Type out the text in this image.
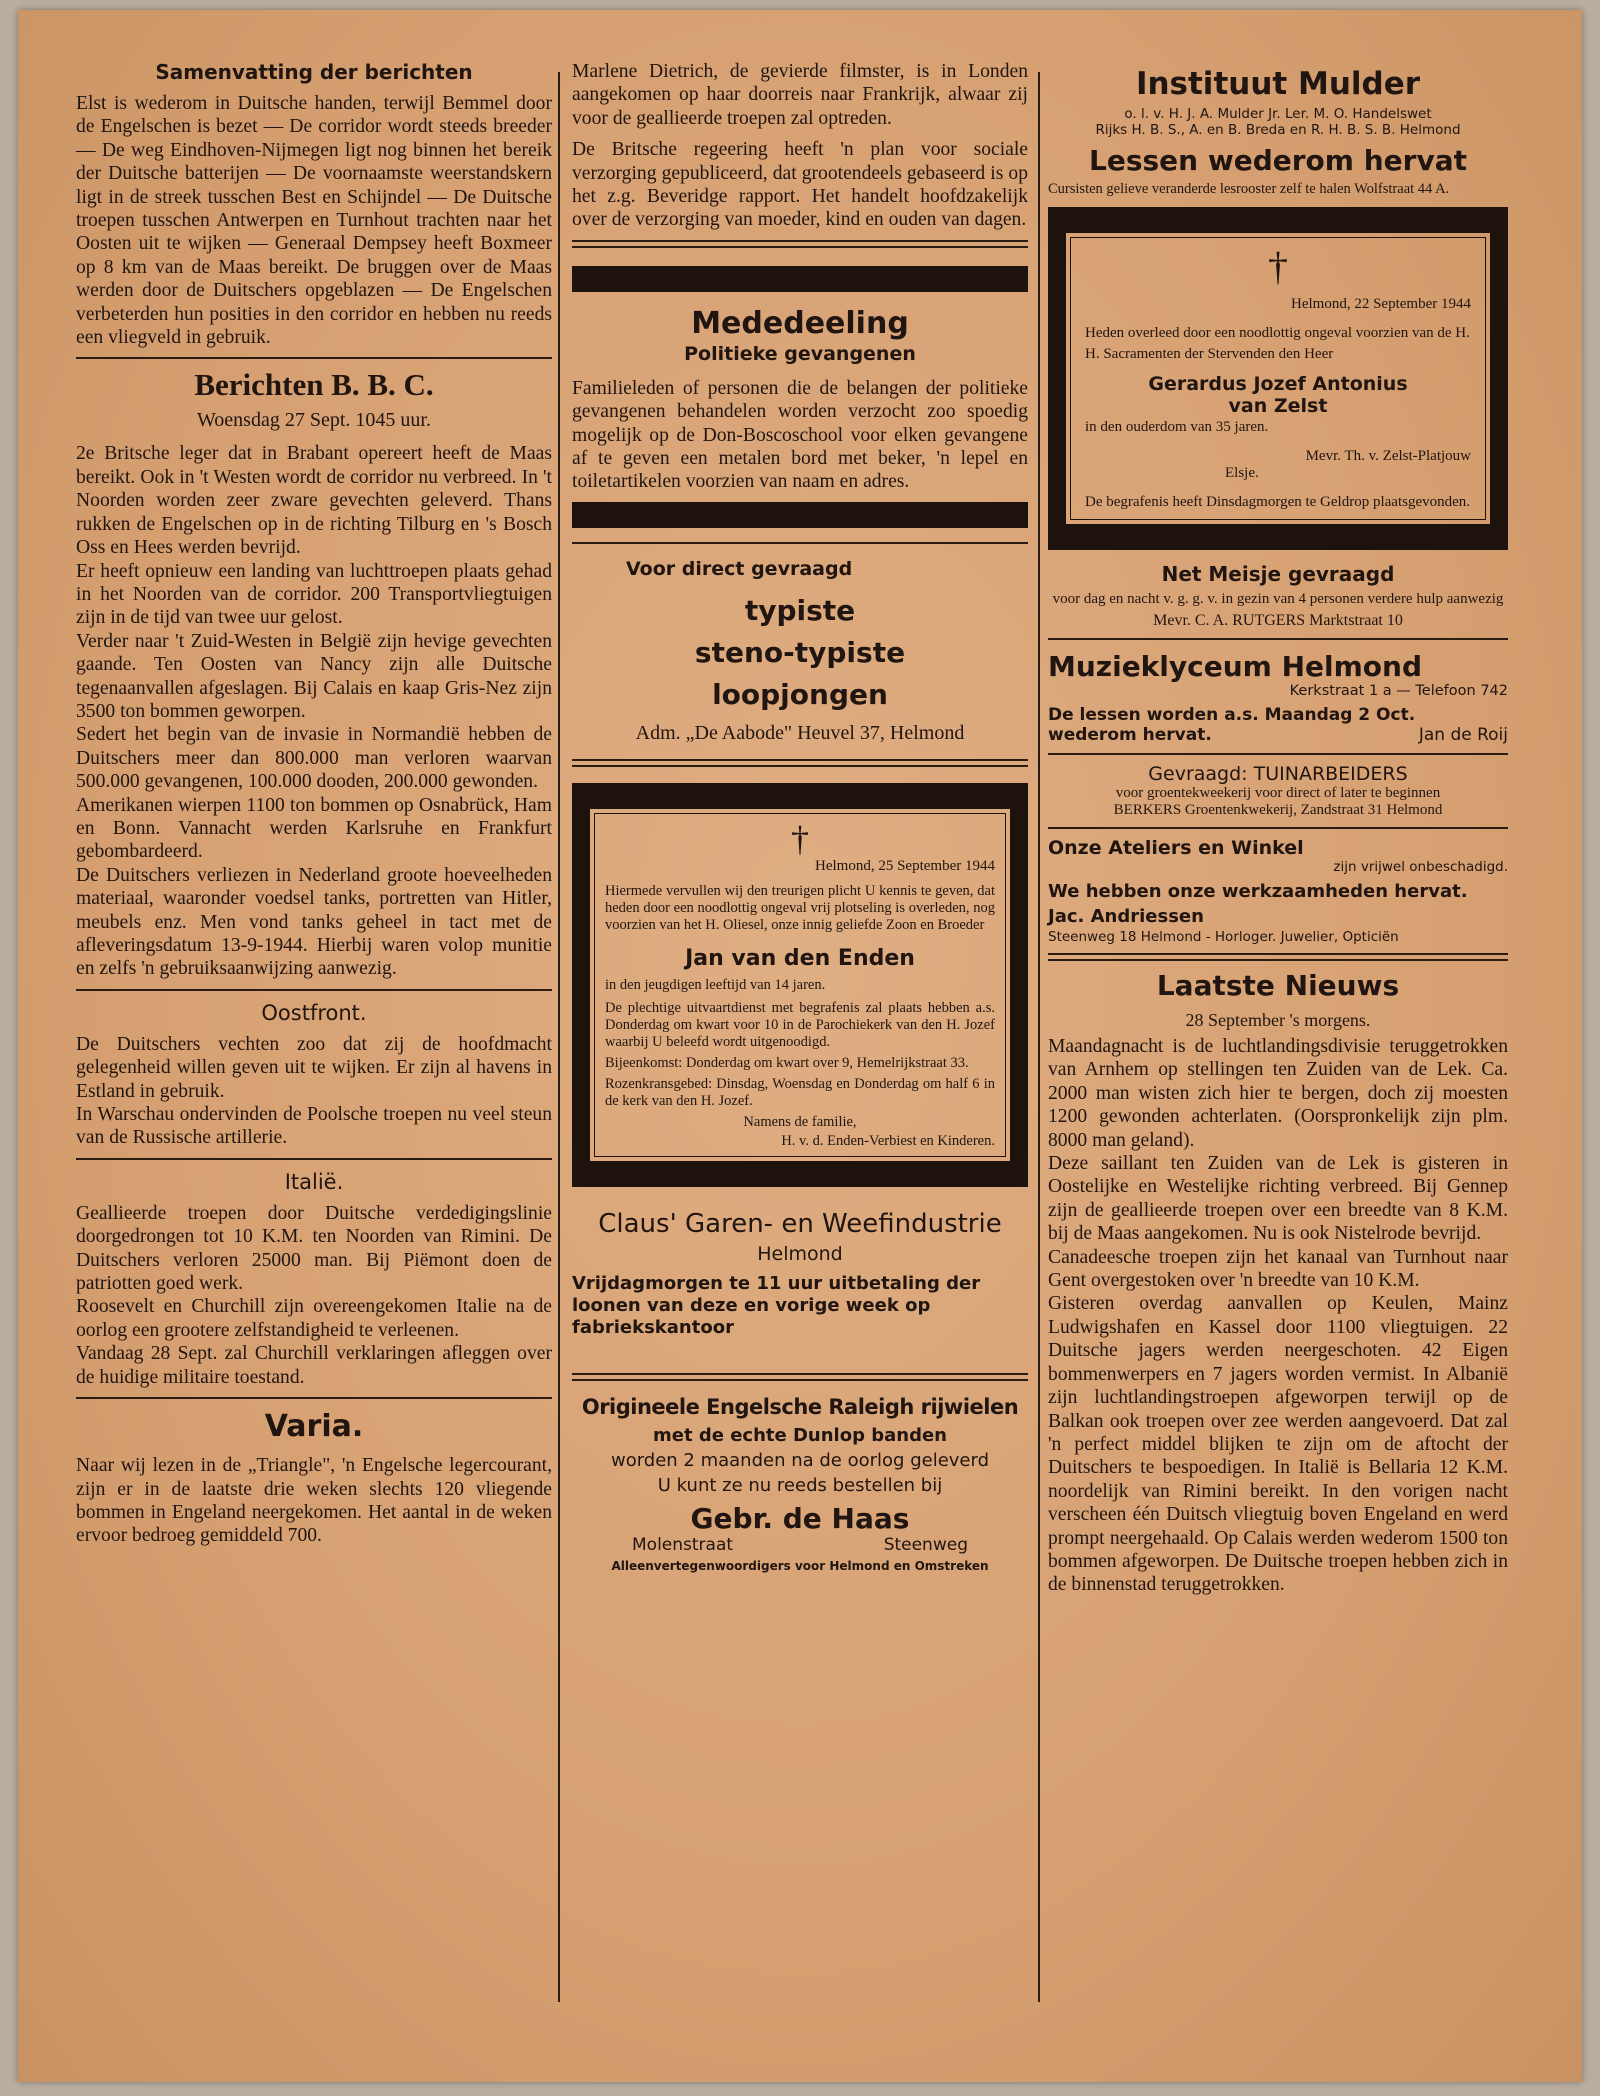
Samenvatting der berichten

Elst is wederom in Duitsche handen, terwijl Bemmel door de Engelschen is bezet — De corridor wordt steeds breeder — De weg Eindhoven-Nijmegen ligt nog binnen het bereik der Duitsche batterijen — De voornaamste weerstandskern ligt in de streek tusschen Best en Schijndel — De Duitsche troepen tusschen Antwerpen en Turnhout trachten naar het Oosten uit te wijken — Generaal Dempsey heeft Boxmeer op 8 km van de Maas bereikt. De bruggen over de Maas werden door de Duitschers opgeblazen — De Engelschen verbeterden hun posities in den corridor en hebben nu reeds een vliegveld in gebruik.

Berichten B. B. C.
Woensdag 27 Sept. 1045 uur.

2e Britsche leger dat in Brabant opereert heeft de Maas bereikt. Ook in 't Westen wordt de corridor nu verbreed. In 't Noorden worden zeer zware gevechten geleverd. Thans rukken de Engelschen op in de richting Tilburg en 's Bosch Oss en Hees werden bevrijd.

Er heeft opnieuw een landing van luchttroepen plaats gehad in het Noorden van de corridor. 200 Transportvliegtuigen zijn in de tijd van twee uur gelost.

Verder naar 't Zuid-Westen in België zijn hevige gevechten gaande. Ten Oosten van Nancy zijn alle Duitsche tegenaanvallen afgeslagen. Bij Calais en kaap Gris-Nez zijn 3500 ton bommen geworpen.

Sedert het begin van de invasie in Normandië hebben de Duitschers meer dan 800.000 man verloren waarvan 500.000 gevangenen, 100.000 dooden, 200.000 gewonden.

Amerikanen wierpen 1100 ton bommen op Osnabrück, Ham en Bonn. Vannacht werden Karlsruhe en Frankfurt gebombardeerd.

De Duitschers verliezen in Nederland groote hoeveelheden materiaal, waaronder voedsel tanks, portretten van Hitler, meubels enz. Men vond tanks geheel in tact met de afleveringsdatum 13-9-1944. Hierbij waren volop munitie en zelfs 'n gebruiksaanwijzing aanwezig.

Oostfront.

De Duitschers vechten zoo dat zij de hoofdmacht gelegenheid willen geven uit te wijken. Er zijn al havens in Estland in gebruik.

In Warschau ondervinden de Poolsche troepen nu veel steun van de Russische artillerie.

Italië.

Geallieerde troepen door Duitsche verdedigingslinie doorgedrongen tot 10 K.M. ten Noorden van Rimini. De Duitschers verloren 25000 man. Bij Piëmont doen de patriotten goed werk.

Roosevelt en Churchill zijn overeengekomen Italie na de oorlog een grootere zelfstandigheid te verleenen.

Vandaag 28 Sept. zal Churchill verklaringen afleggen over de huidige militaire toestand.

Varia.

Naar wij lezen in de „Triangle", 'n Engelsche legercourant, zijn er in de laatste drie weken slechts 120 vliegende bommen in Engeland neergekomen. Het aantal in de weken ervoor bedroeg gemiddeld 700.

Marlene Dietrich, de gevierde filmster, is in Londen aangekomen op haar doorreis naar Frankrijk, alwaar zij voor de geallieerde troepen zal optreden.

De Britsche regeering heeft 'n plan voor sociale verzorging gepubliceerd, dat grootendeels gebaseerd is op het z.g. Beveridge rapport. Het handelt hoofdzakelijk over de verzorging van moeder, kind en ouden van dagen.

Mededeeling
Politieke gevangenen

Familieleden of personen die de belangen der politieke gevangenen behandelen worden verzocht zoo spoedig mogelijk op de Don-Boscoschool voor elken gevangene af te geven een metalen bord met beker, 'n lepel en toiletartikelen voorzien van naam en adres.

Voor direct gevraagd
typiste
steno-typiste
loopjongen
Adm. „De Aabode" Heuvel 37, Helmond
†
Helmond, 25 September 1944

Hiermede vervullen wij den treurigen plicht U kennis te geven, dat heden door een noodlottig ongeval vrij plotseling is overleden, nog voorzien van het H. Oliesel, onze innig geliefde Zoon en Broeder

Jan van den Enden

in den jeugdigen leeftijd van 14 jaren.

De plechtige uitvaartdienst met begrafenis zal plaats hebben a.s. Donderdag om kwart voor 10 in de Parochiekerk van den H. Jozef waarbij U beleefd wordt uitgenoodigd.

Bijeenkomst: Donderdag om kwart over 9, Hemelrijkstraat 33.

Rozenkransgebed: Dinsdag, Woensdag en Donderdag om half 6 in de kerk van den H. Jozef.

Namens de familie,
H. v. d. Enden-Verbiest en Kinderen.
Claus' Garen- en Weefindustrie
Helmond

Vrijdagmorgen te 11 uur uitbetaling der loonen van deze en vorige week op fabriekskantoor

Origineele Engelsche Raleigh rijwielen
met de echte Dunlop banden
worden 2 maanden na de oorlog geleverd
U kunt ze nu reeds bestellen bij
Gebr. de Haas
Molenstraat	Steenweg
Alleenvertegenwoordigers voor Helmond en Omstreken
Instituut Mulder
o. l. v. H. J. A. Mulder Jr. Ler. M. O. Handelswet
Rijks H. B. S., A. en B. Breda en R. H. B. S. B. Helmond
Lessen wederom hervat

Cursisten gelieve veranderde lesrooster zelf te halen Wolfstraat 44 A.

†
Helmond, 22 September 1944

Heden overleed door een noodlottig ongeval voorzien van de H. H. Sacramenten der Stervenden den Heer

Gerardus Jozef Antonius
van Zelst

in den ouderdom van 35 jaren.

Mevr. Th. v. Zelst-Platjouw
Elsje.

De begrafenis heeft Dinsdagmorgen te Geldrop plaatsgevonden.

Net Meisje gevraagd

voor dag en nacht v. g. g. v. in gezin van 4 personen verdere hulp aanwezig

Mevr. C. A. RUTGERS Marktstraat 10
Muzieklyceum Helmond
Kerkstraat 1 a — Telefoon 742
De lessen worden a.s. Maandag 2 Oct.
wederom hervat.	Jan de Roij
Gevraagd: TUINARBEIDERS
voor groentekweekerij voor direct of later te beginnen
BERKERS Groentenkwekerij, Zandstraat 31 Helmond
Onze Ateliers en Winkel
zijn vrijwel onbeschadigd.
We hebben onze werkzaamheden hervat.
Jac. Andriessen
Steenweg 18 Helmond - Horloger. Juwelier, Opticiën
Laatste Nieuws
28 September 's morgens.

Maandagnacht is de luchtlandingsdivisie teruggetrokken van Arnhem op stellingen ten Zuiden van de Lek. Ca. 2000 man wisten zich hier te bergen, doch zij moesten 1200 gewonden achterlaten. (Oorspronkelijk zijn plm. 8000 man geland).

Deze saillant ten Zuiden van de Lek is gisteren in Oostelijke en Westelijke richting verbreed. Bij Gennep zijn de geallieerde troepen over een breedte van 8 K.M. bij de Maas aangekomen. Nu is ook Nistelrode bevrijd.

Canadeesche troepen zijn het kanaal van Turnhout naar Gent overgestoken over 'n breedte van 10 K.M.

Gisteren overdag aanvallen op Keulen, Mainz Ludwigshafen en Kassel door 1100 vliegtuigen. 22 Duitsche jagers werden neergeschoten. 42 Eigen bommenwerpers en 7 jagers worden vermist. In Albanië zijn luchtlandingstroepen afgeworpen terwijl op de Balkan ook troepen over zee werden aangevoerd. Dat zal 'n perfect middel blijken te zijn om de aftocht der Duitschers te bespoedigen. In Italië is Bellaria 12 K.M. noordelijk van Rimini bereikt. In den vorigen nacht verscheen één Duitsch vliegtuig boven Engeland en werd prompt neergehaald. Op Calais werden wederom 1500 ton bommen afgeworpen. De Duitsche troepen hebben zich in de binnenstad teruggetrokken.
